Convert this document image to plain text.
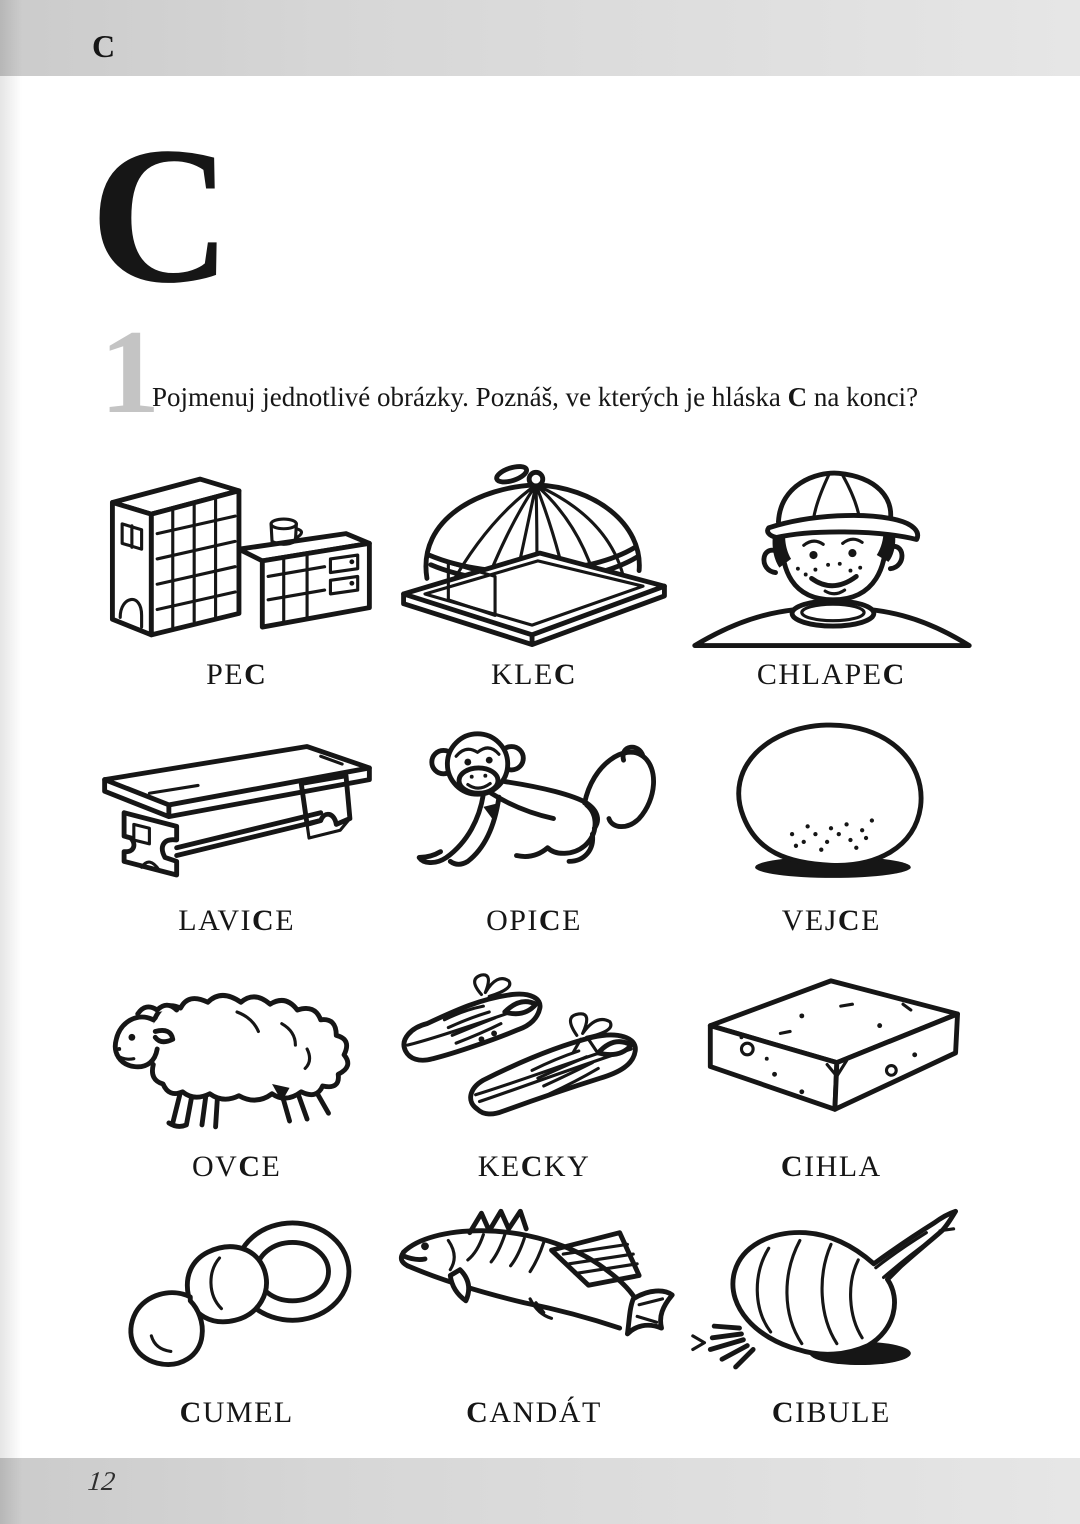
C
C
1
Pojmenuj jednotlivé obrázky. Poznáš, ve kterých je hláska C na konci?
PEC	KLEC	CHLAPEC
LAVICE	OPICE	VEJCE
OVCE	KECKY	CIHLA
CUMEL	CANDÁT	CIBULE
12
